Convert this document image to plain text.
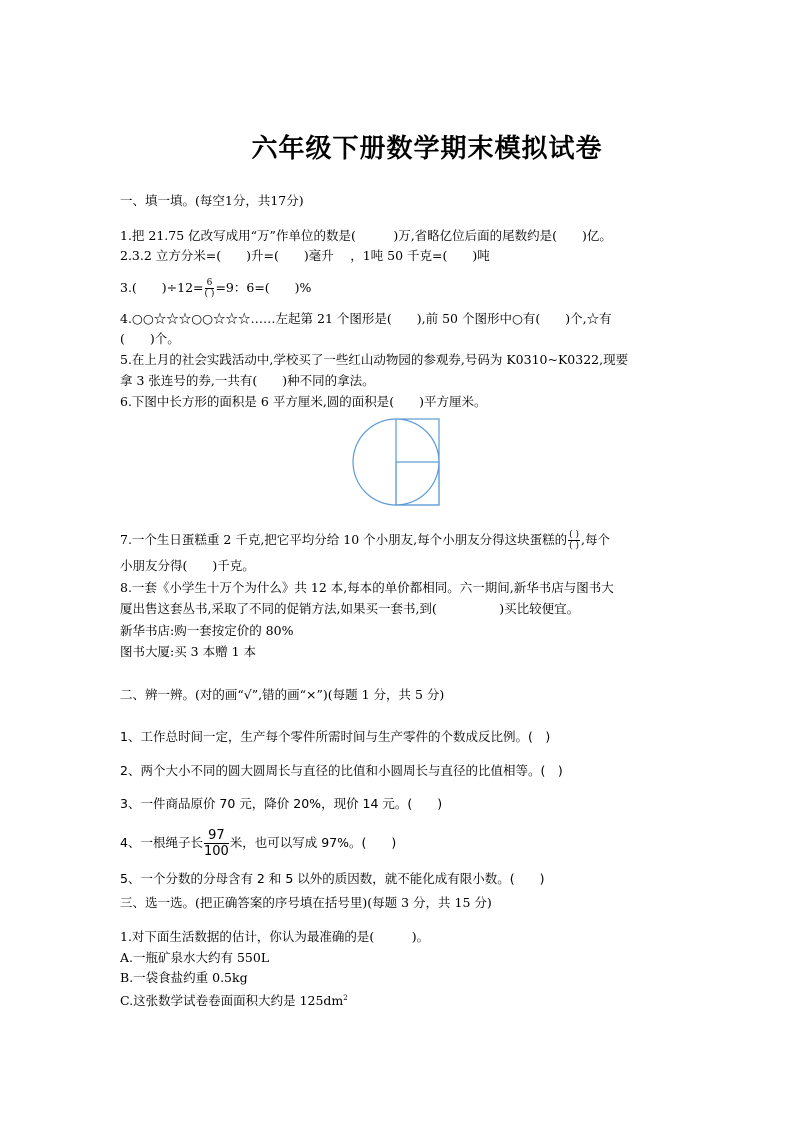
六年级下册数学期末模拟试卷
一、填一填。(每空1分，共17分)
1.把 21.75 亿改写成用“万”作单位的数是(　　　)万,省略亿位后面的尾数约是(　　)亿。
2.3.2 立方分米=(　　)升=(　　)毫升　 ，1吨 50 千克=(　　)吨
3.(　　)$\div 12= \frac{6}{( )} =9$：6=(　　)%
4.○○☆☆☆○○☆☆☆……左起第 21 个图形是(　　),前 50 个图形中○有(　　)个,☆有
(　　)个。
5.在上月的社会实践活动中,学校买了一些红山动物园的参观券,号码为 K0310~K0322,现要
拿 3 张连号的券,一共有(　　)种不同的拿法。
6.下图中长方形的面积是 6 平方厘米,圆的面积是(　　)平方厘米。
7.一个生日蛋糕重 2 千克,把它平均分给 10 个小朋友,每个小朋友分得这块蛋糕的 $\frac{( )}{( )}$ ,每个
小朋友分得(　　)千克。
8.一套《小学生十万个为什么》共 12 本,每本的单价都相同。六一期间,新华书店与图书大
厦出售这套丛书,采取了不同的促销方法,如果买一套书,到(　　　　　)买比较便宜。
新华书店:购一套按定价的 80%
图书大厦:买 3 本赠 1 本
二、辨一辨。(对的画“√”,错的画“×”)(每题 1 分，共 5 分)
1、工作总时间一定，生产每个零件所需时间与生产零件的个数成反比例。(　)
2、两个大小不同的圆大圆周长与直径的比值和小圆周长与直径的比值相等。(　)
3、一件商品原价 70 元，降价 20%，现价 14 元。(　　)
4、一根绳子长 $\frac{97}{100}$ 米，也可以写成 97%。(　　)
5、一个分数的分母含有 2 和 5 以外的质因数，就不能化成有限小数。(　　)
三、选一选。(把正确答案的序号填在括号里)(每题 3 分，共 15 分)
1.对下面生活数据的估计，你认为最准确的是(　　　)。
A.一瓶矿泉水大约有 550L
B.一袋食盐约重 0.5kg
C.这张数学试卷卷面面积大约是 $125dm^2$
